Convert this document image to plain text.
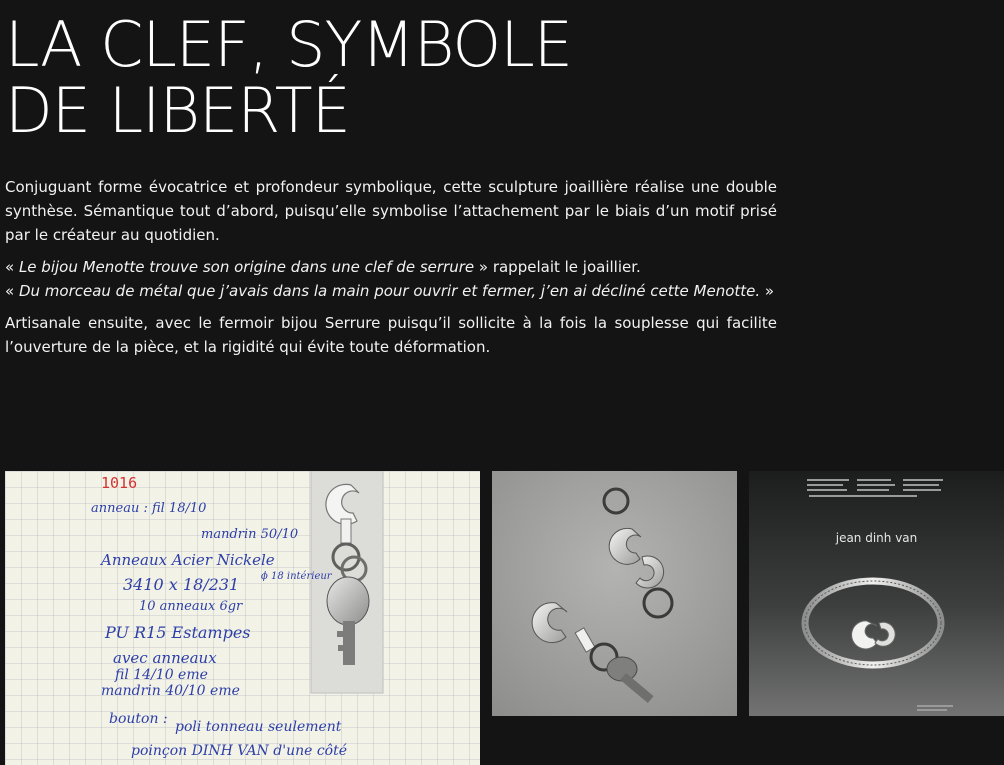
LA CLEF, SYMBOLE
DE LIBERTÉ

Conjuguant forme évocatrice et profondeur symbolique, cette sculpture joaillière réalise une double synthèse. Sémantique tout d’abord, puisqu’elle symbolise l’attachement par le biais d’un motif prisé par le créateur au quotidien.

« Le bijou Menotte trouve son origine dans une clef de serrure » rappelait le joaillier.
« Du morceau de métal que j’avais dans la main pour ouvrir et fermer, j’en ai décliné cette Menotte. »

Artisanale ensuite, avec le fermoir bijou Serrure puisqu’il sollicite à la fois la souplesse qui facilite l’ouverture de la pièce, et la rigidité qui évite toute déformation.

1016
anneau : fil 18/10
mandrin 50/10
Anneaux Acier Nickele
3410 x 18/231 ϕ 18 intérieur
10 anneaux 6gr
PU R15 Estampes
avec anneaux
fil 14/10 eme
mandrin 40/10 eme
bouton : poli tonneau seulement
poinçon DINH VAN d'une côté
jean dinh van
